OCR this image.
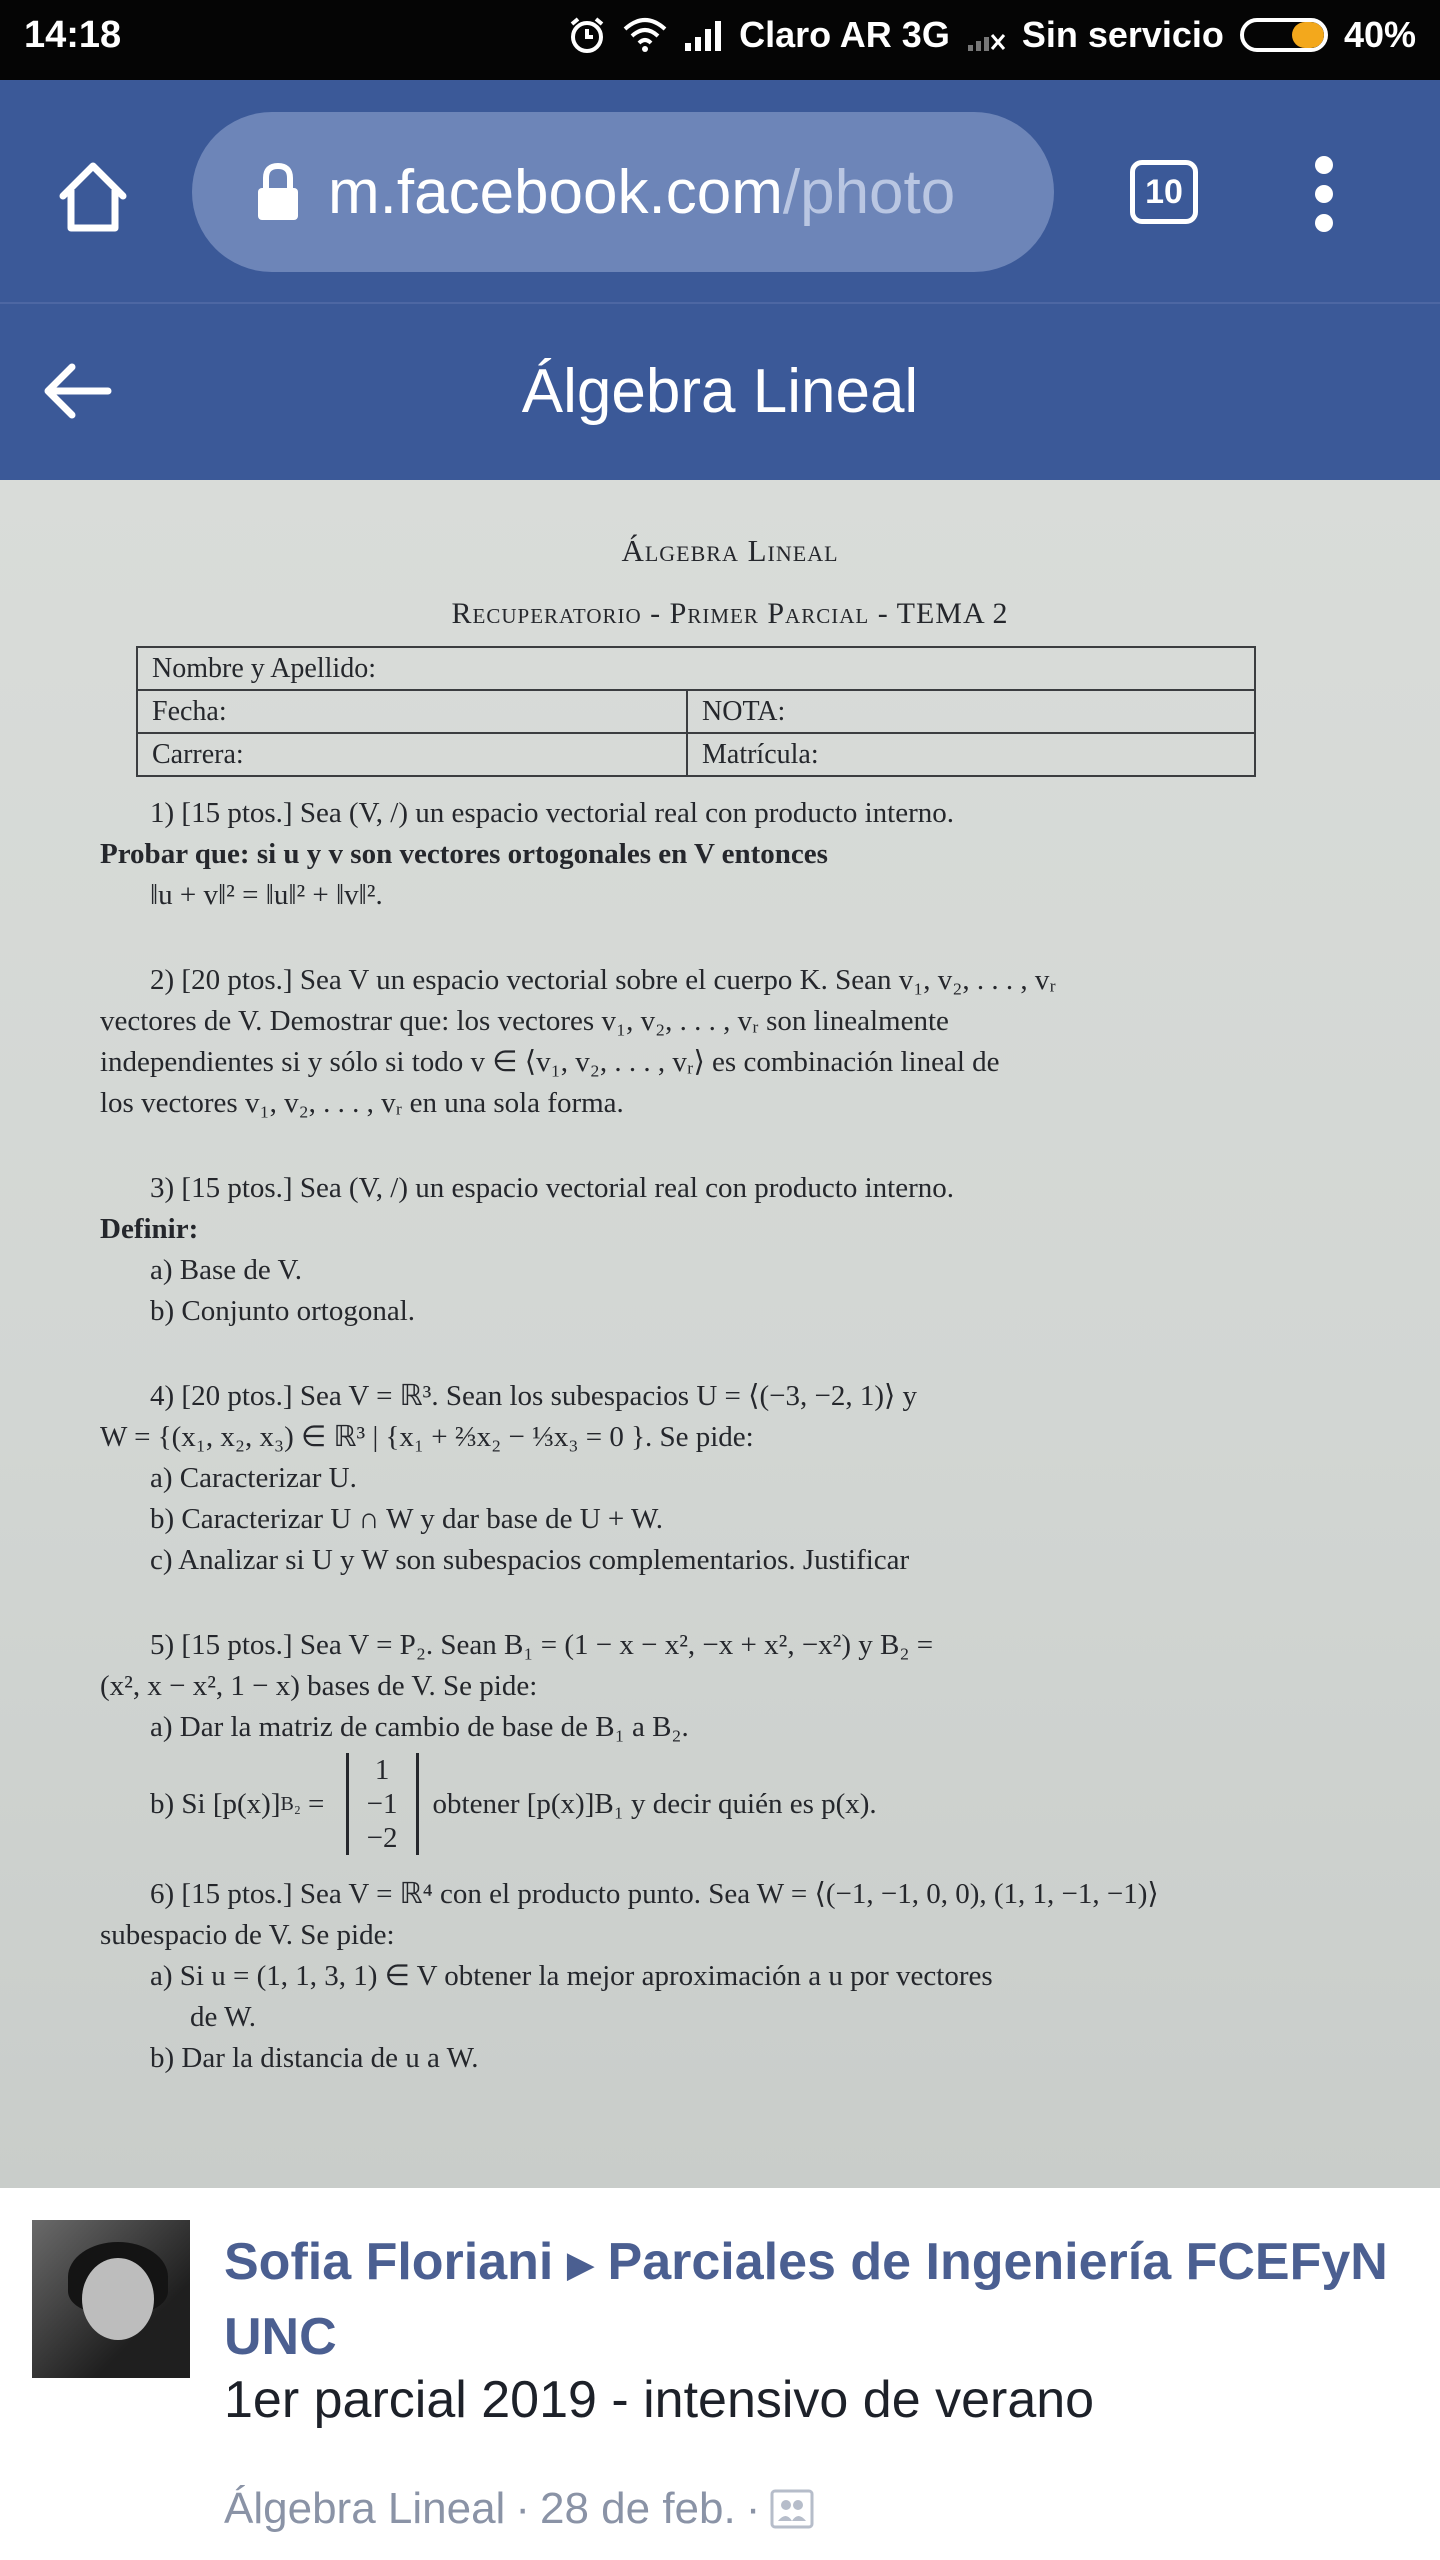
14:18	Claro AR 3G Sin servicio	40%
m.facebook.com /photo	10
Álgebra Lineal
Álgebra Lineal
Recuperatorio - Primer Parcial - TEMA 2
Nombre y Apellido:	
Fecha:	NOTA:
Carrera:	Matrícula:
1) [15 ptos.] Sea (V, /) un espacio vectorial real con producto interno.
Probar que: si u y v son vectores ortogonales en V entonces
‖u + v‖² = ‖u‖² + ‖v‖².
2) [20 ptos.] Sea V un espacio vectorial sobre el cuerpo K. Sean v₁, v₂, . . . , vᵣ
vectores de V. Demostrar que: los vectores v₁, v₂, . . . , vᵣ son linealmente
independientes si y sólo si todo v ∈ ⟨v₁, v₂, . . . , vᵣ⟩ es combinación lineal de
los vectores v₁, v₂, . . . , vᵣ en una sola forma.
3) [15 ptos.] Sea (V, /) un espacio vectorial real con producto interno.
Definir:
a) Base de V.
b) Conjunto ortogonal.
4) [20 ptos.] Sea V = ℝ³. Sean los subespacios U = ⟨(−3, −2, 1)⟩ y
W = {(x₁, x₂, x₃) ∈ ℝ³ | {x₁ + ⅔x₂ − ⅓x₃ = 0 }. Se pide:
a) Caracterizar U.
b) Caracterizar U ∩ W y dar base de U + W.
c) Analizar si U y W son subespacios complementarios. Justificar
5) [15 ptos.] Sea V = P₂. Sean B₁ = (1 − x − x², −x + x², −x²) y B₂ =
(x², x − x², 1 − x) bases de V. Se pide:
a) Dar la matriz de cambio de base de B₁ a B₂.
b) Si [p(x)] B₂ =
1
−1
−2
obtener [p(x)]B₁ y decir quién es p(x).
6) [15 ptos.] Sea V = ℝ⁴ con el producto punto. Sea W = ⟨(−1, −1, 0, 0), (1, 1, −1, −1)⟩
subespacio de V. Se pide:
a) Si u = (1, 1, 3, 1) ∈ V obtener la mejor aproximación a u por vectores
de W.
b) Dar la distancia de u a W.
Sofia Floriani ▶ Parciales de Ingeniería FCEFyN UNC
1er parcial 2019 - intensivo de verano
Álgebra Lineal · 28 de feb. ·
